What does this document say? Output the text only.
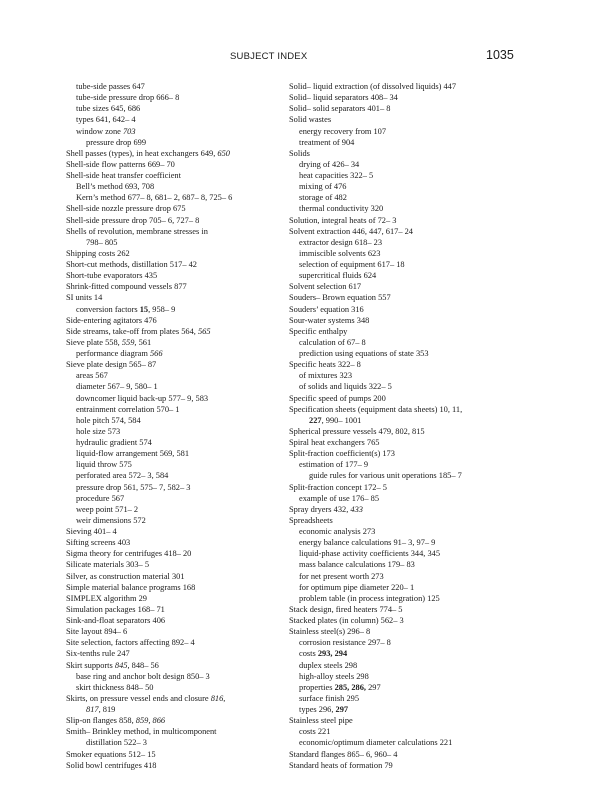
SUBJECT INDEX	1035
tube-side passes 647
tube-side pressure drop 666– 8
tube sizes 645, 686
types 641, 642– 4
window zone 703
pressure drop 699
Shell passes (types), in heat exchangers 649, 650
Shell-side flow patterns 669– 70
Shell-side heat transfer coefficient
Bell’s method 693, 708
Kern’s method 677– 8, 681– 2, 687– 8, 725– 6
Shell-side nozzle pressure drop 675
Shell-side pressure drop 705– 6, 727– 8
Shells of revolution, membrane stresses in
798– 805
Shipping costs 262
Short-cut methods, distillation 517– 42
Short-tube evaporators 435
Shrink-fitted compound vessels 877
SI units 14
conversion factors 15, 958– 9
Side-entering agitators 476
Side streams, take-off from plates 564, 565
Sieve plate 558, 559, 561
performance diagram 566
Sieve plate design 565– 87
areas 567
diameter 567– 9, 580– 1
downcomer liquid back-up 577– 9, 583
entrainment correlation 570– 1
hole pitch 574, 584
hole size 573
hydraulic gradient 574
liquid-flow arrangement 569, 581
liquid throw 575
perforated area 572– 3, 584
pressure drop 561, 575– 7, 582– 3
procedure 567
weep point 571– 2
weir dimensions 572
Sieving 401– 4
Sifting screens 403
Sigma theory for centrifuges 418– 20
Silicate materials 303– 5
Silver, as construction material 301
Simple material balance programs 168
SIMPLEX algorithm 29
Simulation packages 168– 71
Sink-and-float separators 406
Site layout 894– 6
Site selection, factors affecting 892– 4
Six-tenths rule 247
Skirt supports 845, 848– 56
base ring and anchor bolt design 850– 3
skirt thickness 848– 50
Skirts, on pressure vessel ends and closure 816,
817, 819
Slip-on flanges 858, 859, 866
Smith– Brinkley method, in multicomponent
distillation 522– 3
Smoker equations 512– 15
Solid bowl centrifuges 418
Solid– liquid extraction (of dissolved liquids) 447
Solid– liquid separators 408– 34
Solid– solid separators 401– 8
Solid wastes
energy recovery from 107
treatment of 904
Solids
drying of 426– 34
heat capacities 322– 5
mixing of 476
storage of 482
thermal conductivity 320
Solution, integral heats of 72– 3
Solvent extraction 446, 447, 617– 24
extractor design 618– 23
immiscible solvents 623
selection of equipment 617– 18
supercritical fluids 624
Solvent selection 617
Souders– Brown equation 557
Souders’ equation 316
Sour-water systems 348
Specific enthalpy
calculation of 67– 8
prediction using equations of state 353
Specific heats 322– 8
of mixtures 323
of solids and liquids 322– 5
Specific speed of pumps 200
Specification sheets (equipment data sheets) 10, 11,
227, 990– 1001
Spherical pressure vessels 479, 802, 815
Spiral heat exchangers 765
Split-fraction coefficient(s) 173
estimation of 177– 9
guide rules for various unit operations 185– 7
Split-fraction concept 172– 5
example of use 176– 85
Spray dryers 432, 433
Spreadsheets
economic analysis 273
energy balance calculations 91– 3, 97– 9
liquid-phase activity coefficients 344, 345
mass balance calculations 179– 83
for net present worth 273
for optimum pipe diameter 220– 1
problem table (in process integration) 125
Stack design, fired heaters 774– 5
Stacked plates (in column) 562– 3
Stainless steel(s) 296– 8
corrosion resistance 297– 8
costs 293, 294
duplex steels 298
high-alloy steels 298
properties 285, 286, 297
surface finish 295
types 296, 297
Stainless steel pipe
costs 221
economic/optimum diameter calculations 221
Standard flanges 865– 6, 960– 4
Standard heats of formation 79
